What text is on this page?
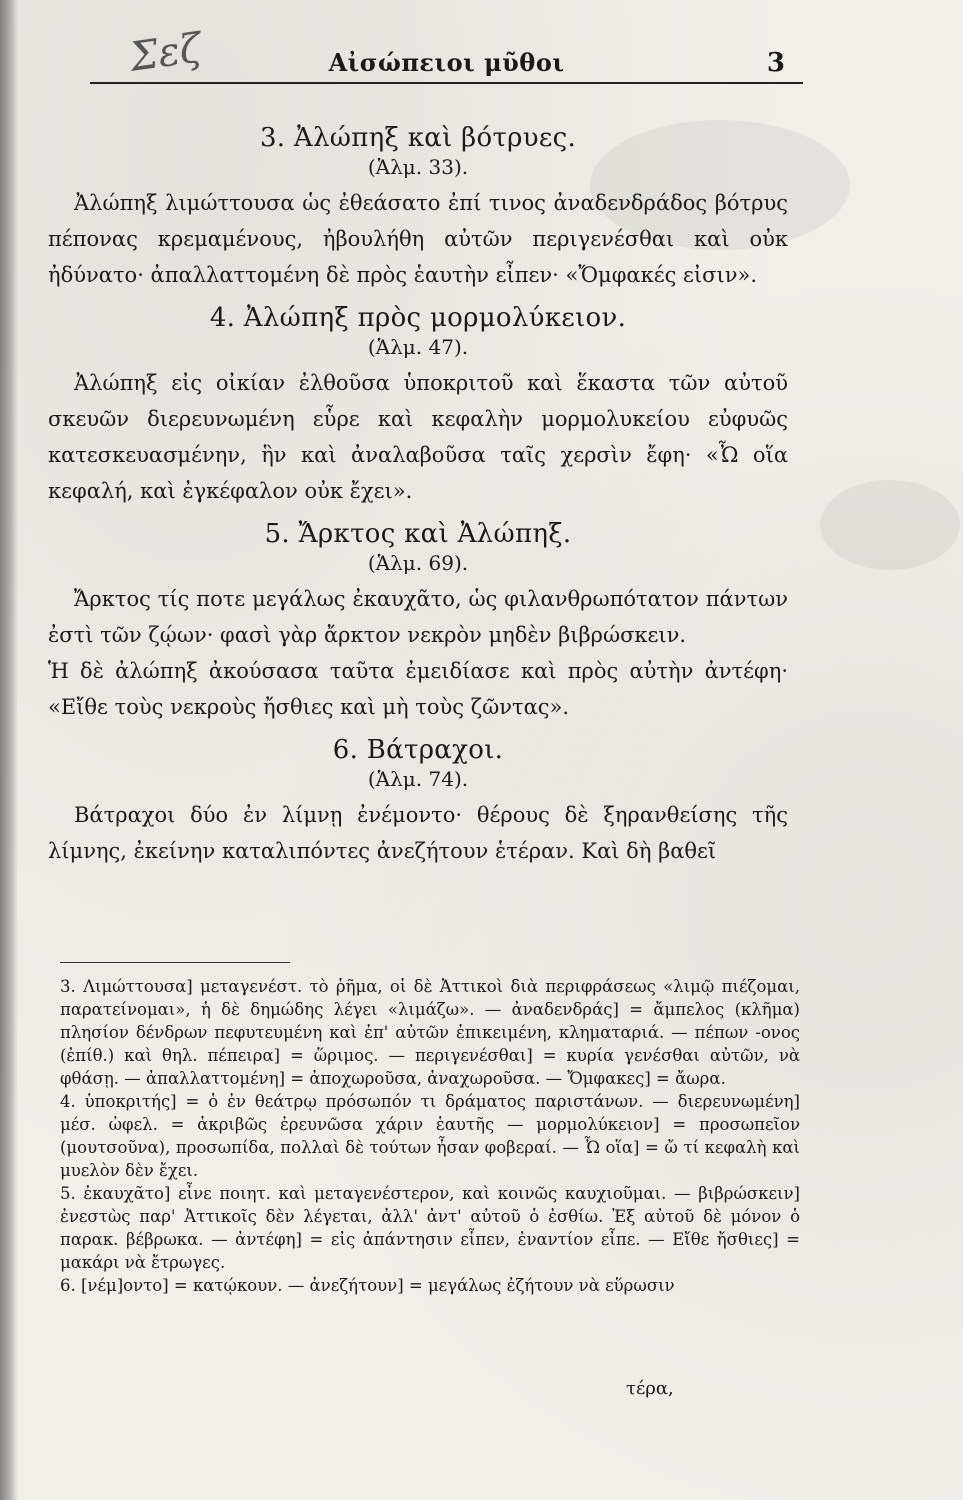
Σεζ	Αἰσώπειοι μῦθοι	3
3. Ἀλώπηξ καὶ βότρυες.
(Ἁλμ. 33).

Ἀλώπηξ λιμώττουσα ὡς ἐθεάσατο ἐπί τινος ἀναδενδράδος βότρυς πέπονας κρεμαμένους, ἠβουλήθη αὐτῶν περιγενέσθαι καὶ οὐκ ἠδύνατο· ἀπαλλαττομένη δὲ πρὸς ἑαυτὴν εἶπεν· «Ὄμφακές εἰσιν».

4. Ἀλώπηξ πρὸς μορμολύκειον.
(Ἁλμ. 47).

Ἀλώπηξ εἰς οἰκίαν ἐλθοῦσα ὑποκριτοῦ καὶ ἕκαστα τῶν αὐτοῦ σκευῶν διερευνωμένη εὗρε καὶ κεφαλὴν μορμολυκείου εὐφυῶς κατεσκευασμένην, ἣν καὶ ἀναλαβοῦσα ταῖς χερσὶν ἔφη· «Ὦ οἵα κεφαλή, καὶ ἐγκέφαλον οὐκ ἔχει».

5. Ἄρκτος καὶ Ἀλώπηξ.
(Ἁλμ. 69).

Ἄρκτος τίς ποτε μεγάλως ἐκαυχᾶτο, ὡς φιλανθρωπότατον πάντων ἐστὶ τῶν ζῴων· φασὶ γὰρ ἄρκτον νεκρὸν μηδὲν βιβρώσκειν.

Ἡ δὲ ἀλώπηξ ἀκούσασα ταῦτα ἐμειδίασε καὶ πρὸς αὐτὴν ἀντέφη· «Εἴθε τοὺς νεκροὺς ἤσθιες καὶ μὴ τοὺς ζῶντας».

6. Βάτραχοι.
(Ἁλμ. 74).

Βάτραχοι δύο ἐν λίμνῃ ἐνέμοντο· θέρους δὲ ξηρανθείσης τῆς λίμνης, ἐκείνην καταλιπόντες ἀνεζήτουν ἑτέραν. Καὶ δὴ βαθεῖ

3. Λιμώττουσα] μεταγενέστ. τὸ ῥῆμα, οἱ δὲ Ἀττικοὶ διὰ περιφράσεως «λιμῷ πιέζομαι, παρατείνομαι», ἡ δὲ δημώδης λέγει «λιμάζω». — ἀναδενδράς] = ἄμπελος (κλῆμα) πλησίον δένδρων πεφυτευμένη καὶ ἐπ' αὐτῶν ἐπικειμένη, κληματαριά. — πέπων -ονος (ἐπίθ.) καὶ θηλ. πέπειρα] = ὥριμος. — περιγενέσθαι] = κυρία γενέσθαι αὐτῶν, νὰ φθάσῃ. — ἀπαλλαττομένη] = ἀποχωροῦσα, ἀναχωροῦσα. — Ὄμφακες] = ἄωρα.

4. ὑποκριτής] = ὁ ἐν θεάτρῳ πρόσωπόν τι δράματος παριστάνων. — διερευνωμένη] μέσ. ὠφελ. = ἀκριβῶς ἐρευνῶσα χάριν ἑαυτῆς — μορμολύκειον] = προσωπεῖον (μουτσοῦνα), προσωπίδα, πολλαὶ δὲ τούτων ἦσαν φοβεραί. — Ὦ οἵα] = ὤ τί κεφαλὴ καὶ μυελὸν δὲν ἔχει.

5. ἐκαυχᾶτο] εἶνε ποιητ. καὶ μεταγενέστερον, καὶ κοινῶς καυχιοῦμαι. — βιβρώσκειν] ἐνεστὼς παρ' Ἀττικοῖς δὲν λέγεται, ἀλλ' ἀντ' αὐτοῦ ὁ ἐσθίω. Ἐξ αὐτοῦ δὲ μόνον ὁ παρακ. βέβρωκα. — ἀντέφη] = εἰς ἀπάντησιν εἶπεν, ἐναντίον εἶπε. — Εἴθε ἤσθιες] = μακάρι νὰ ἔτρωγες.

6. [νέμ]οντο] = κατῴκουν. — ἀνεζήτουν] = μεγάλως ἐζήτουν νὰ εὕρωσιν

τέρα,
